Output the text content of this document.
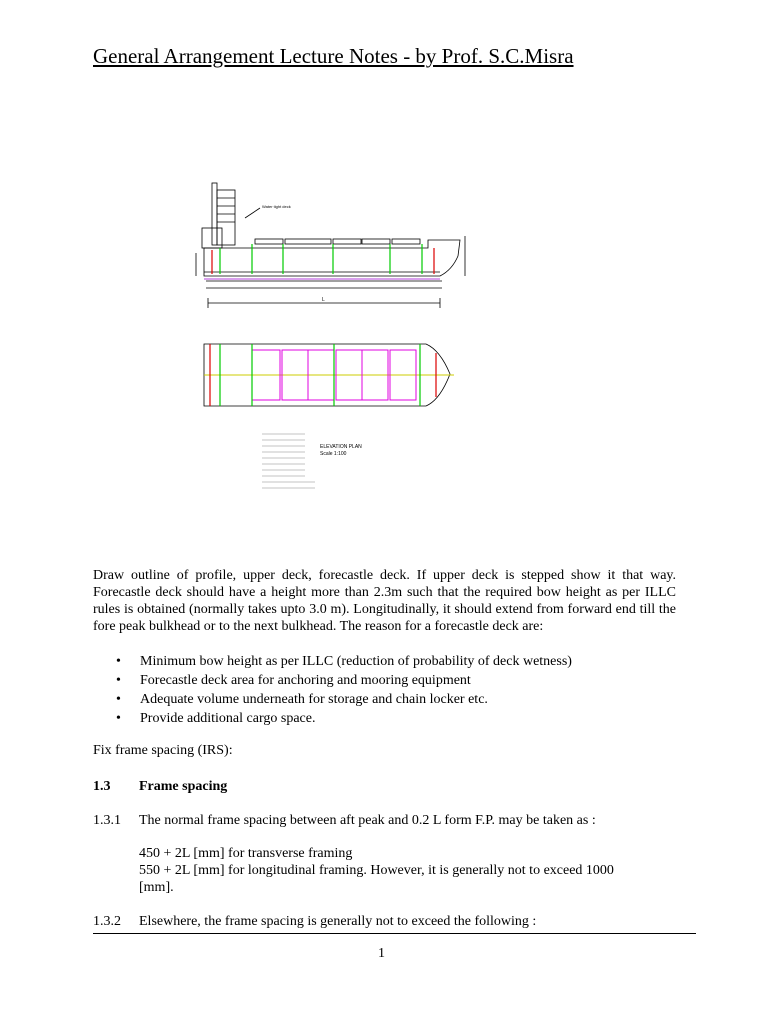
General Arrangement Lecture Notes - by Prof. S.C.Misra
Water tight deck
L
ELEVATION PLAN
Scale 1:100
Draw outline of profile, upper deck, forecastle deck. If upper deck is stepped show it that way. Forecastle deck should have a height more than 2.3m such that the required bow height as per ILLC rules is obtained (normally takes upto 3.0 m). Longitudinally, it should extend from forward end till the fore peak bulkhead or to the next bulkhead. The reason for a forecastle deck are:
• Minimum bow height as per ILLC (reduction of probability of deck wetness)
• Forecastle deck area for anchoring and mooring equipment
• Adequate volume underneath for storage and chain locker etc.
• Provide additional cargo space.
Fix frame spacing (IRS):
1.3 Frame spacing
1.3.1 The normal frame spacing between aft peak and 0.2 L form F.P. may be taken as :
450 + 2L [mm] for transverse framing
550 + 2L [mm] for longitudinal framing. However, it is generally not to exceed 1000
[mm].
1.3.2 Elsewhere, the frame spacing is generally not to exceed the following :
1
